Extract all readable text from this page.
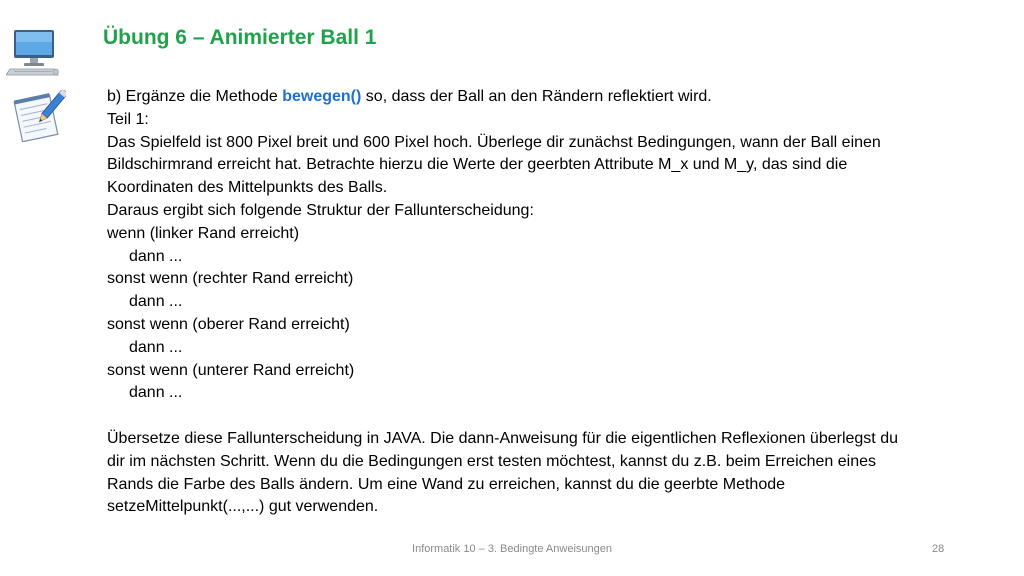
Übung 6 – Animierter Ball 1
b) Ergänze die Methode bewegen() so, dass der Ball an den Rändern reflektiert wird.
Teil 1:
Das Spielfeld ist 800 Pixel breit und 600 Pixel hoch. Überlege dir zunächst Bedingungen, wann der Ball einen
Bildschirmrand erreicht hat. Betrachte hierzu die Werte der geerbten Attribute M_x und M_y, das sind die
Koordinaten des Mittelpunkts des Balls.
Daraus ergibt sich folgende Struktur der Fallunterscheidung:
wenn (linker Rand erreicht)
dann ...
sonst wenn (rechter Rand erreicht)
dann ...
sonst wenn (oberer Rand erreicht)
dann ...
sonst wenn (unterer Rand erreicht)
dann ...
Übersetze diese Fallunterscheidung in JAVA. Die dann-Anweisung für die eigentlichen Reflexionen überlegst du
dir im nächsten Schritt. Wenn du die Bedingungen erst testen möchtest, kannst du z.B. beim Erreichen eines
Rands die Farbe des Balls ändern. Um eine Wand zu erreichen, kannst du die geerbte Methode
setzeMittelpunkt(...,...) gut verwenden.
Informatik 10 – 3. Bedingte Anweisungen	28
